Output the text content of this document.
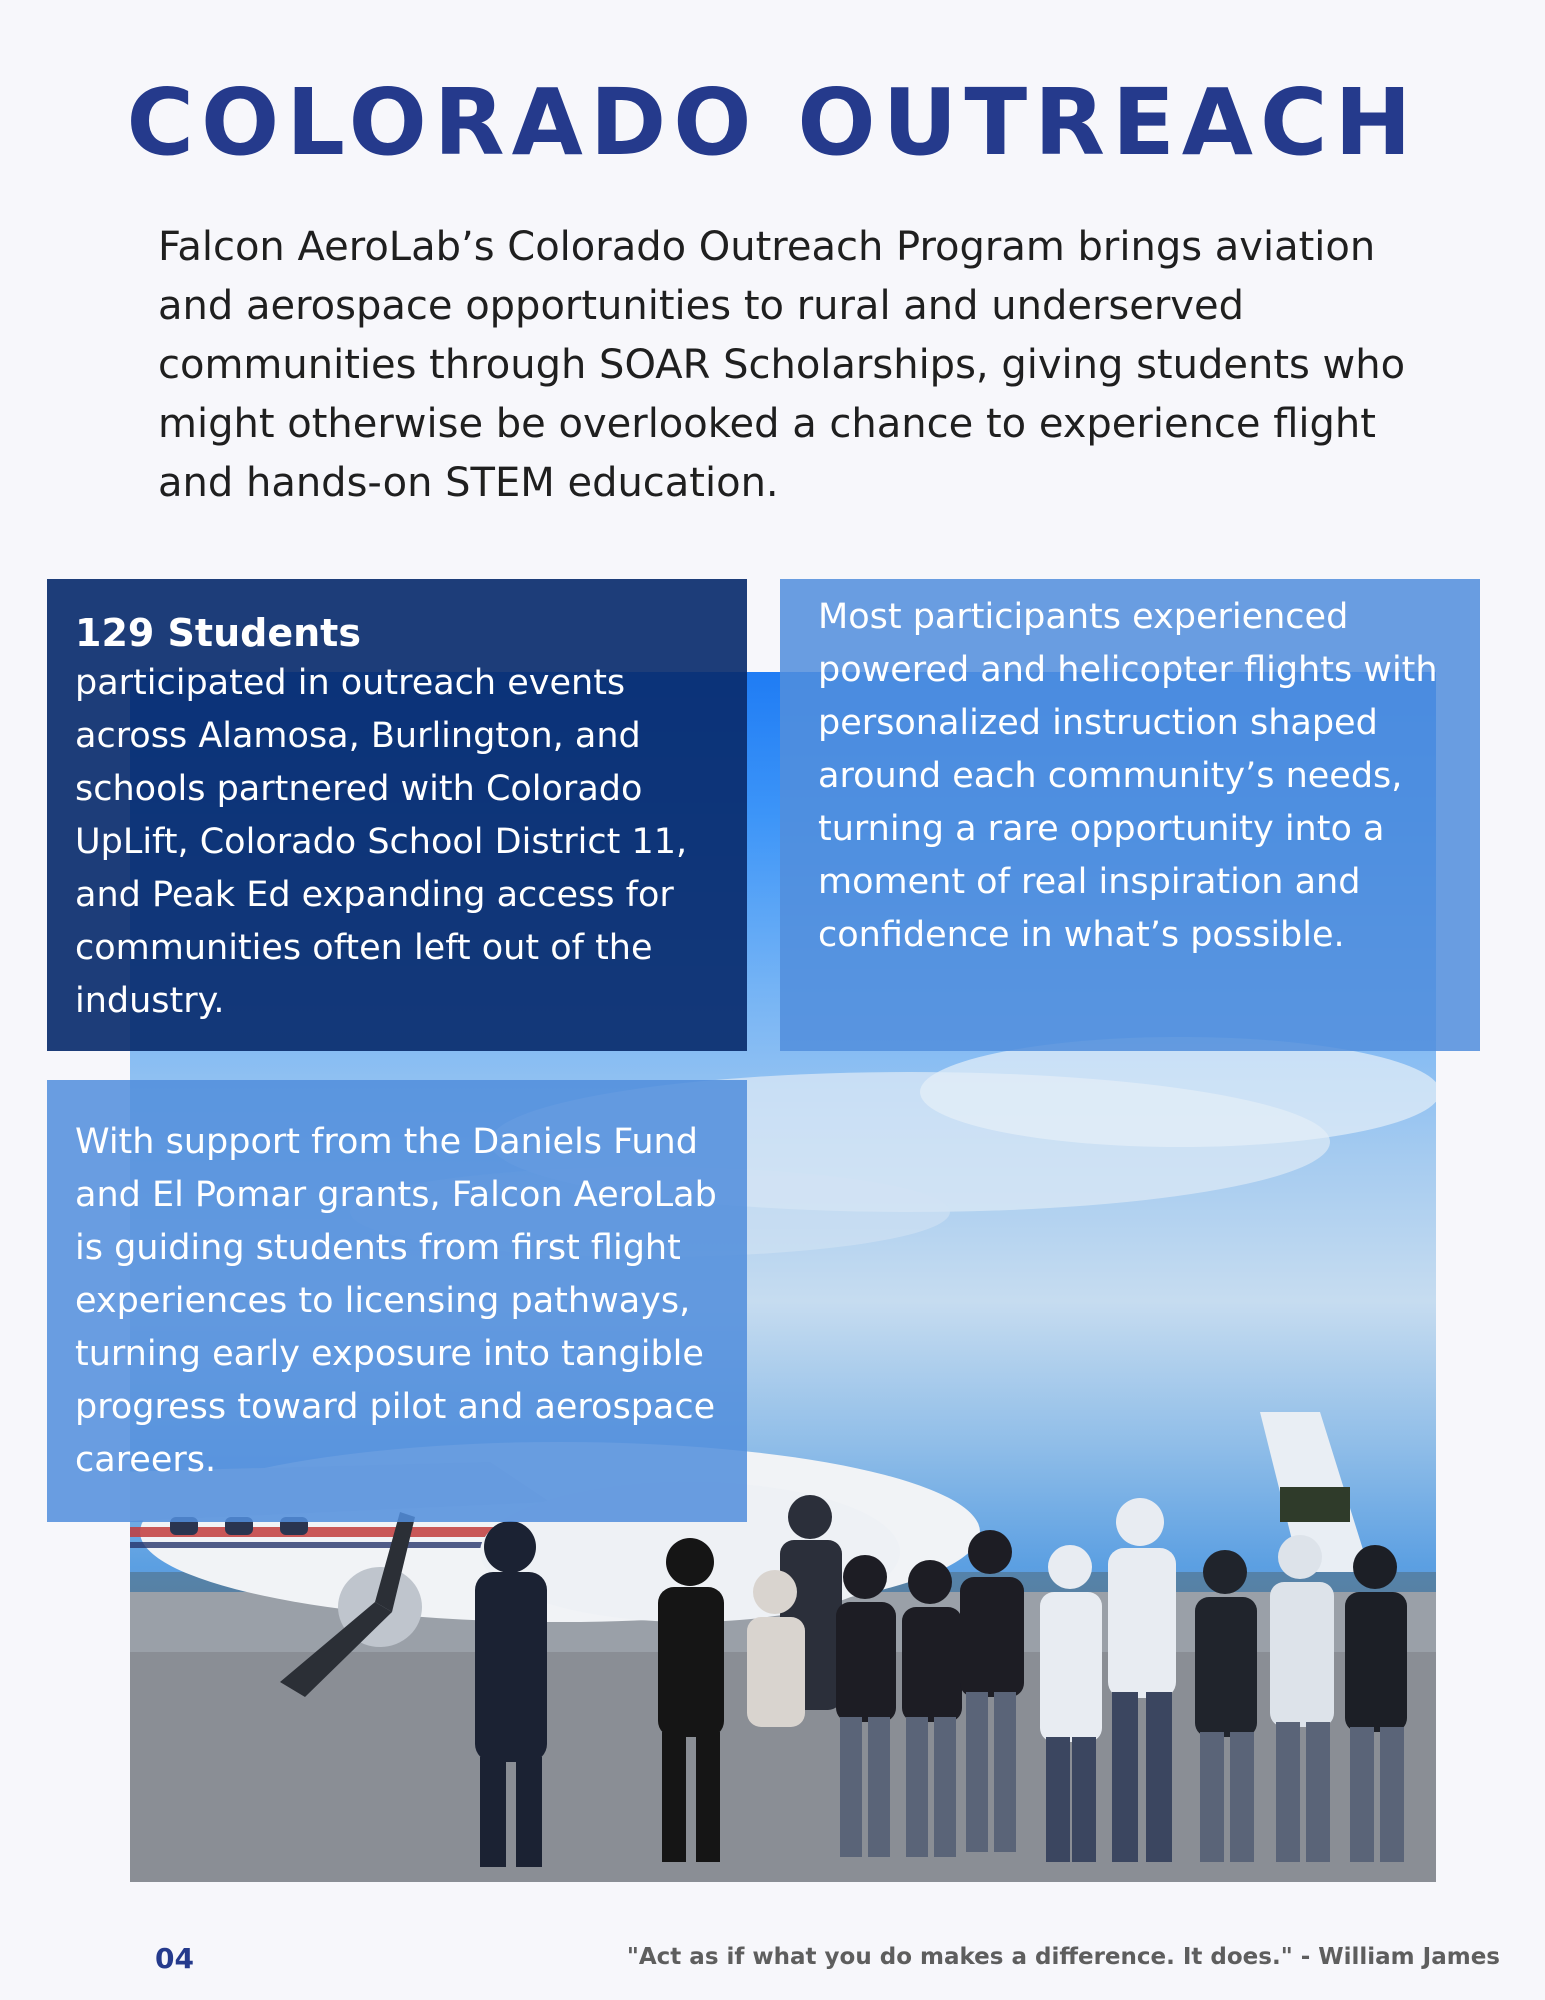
COLORADO OUTREACH

Falcon AeroLab’s Colorado Outreach Program brings aviation and aerospace opportunities to rural and underserved communities through SOAR Scholarships, giving students who might otherwise be overlooked a chance to experience flight and hands-on STEM education.

129 Students

participated in outreach events across Alamosa, Burlington, and schools partnered with Colorado UpLift, Colorado School District 11, and Peak Ed expanding access for communities often left out of the industry.

Most participants experienced powered and helicopter flights with personalized instruction shaped around each community’s needs, turning a rare opportunity into a moment of real inspiration and confidence in what’s possible.

With support from the Daniels Fund and El Pomar grants, Falcon AeroLab is guiding students from first flight experiences to licensing pathways, turning early exposure into tangible progress toward pilot and aerospace careers.

04	"Act as if what you do makes a difference. It does." - William James
